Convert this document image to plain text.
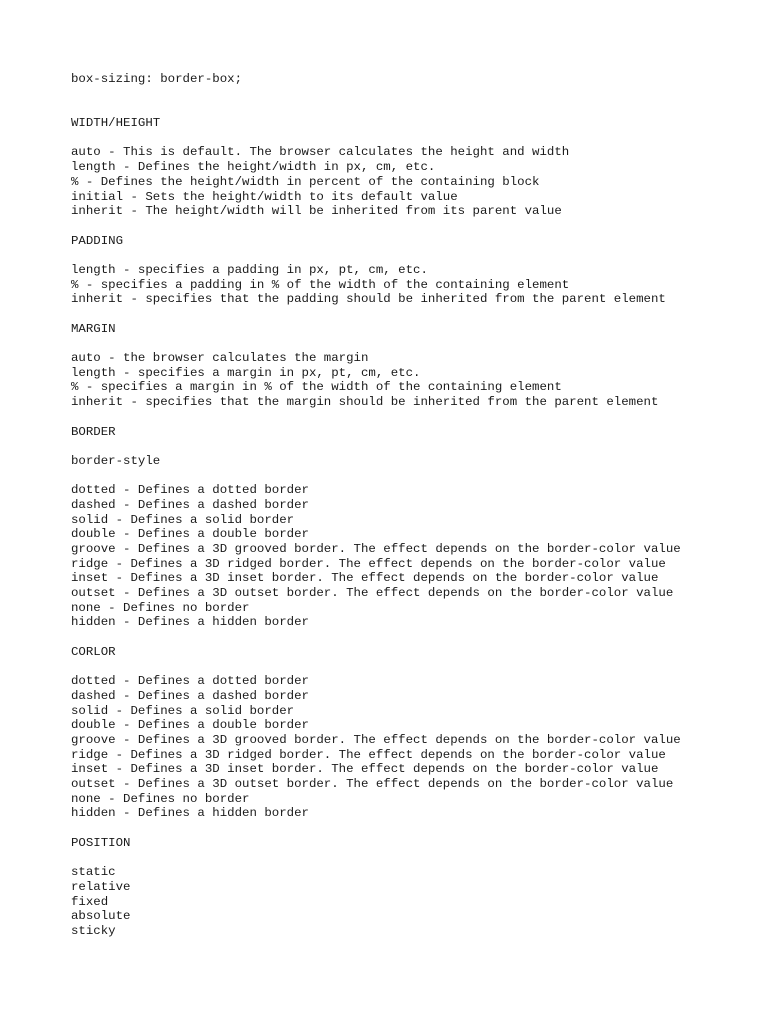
box-sizing: border-box;
WIDTH/HEIGHT
auto - This is default. The browser calculates the height and width
length - Defines the height/width in px, cm, etc.
% - Defines the height/width in percent of the containing block
initial - Sets the height/width to its default value
inherit - The height/width will be inherited from its parent value
PADDING
length - specifies a padding in px, pt, cm, etc.
% - specifies a padding in % of the width of the containing element
inherit - specifies that the padding should be inherited from the parent element
MARGIN
auto - the browser calculates the margin
length - specifies a margin in px, pt, cm, etc.
% - specifies a margin in % of the width of the containing element
inherit - specifies that the margin should be inherited from the parent element
BORDER
border-style
dotted - Defines a dotted border
dashed - Defines a dashed border
solid - Defines a solid border
double - Defines a double border
groove - Defines a 3D grooved border. The effect depends on the border-color value
ridge - Defines a 3D ridged border. The effect depends on the border-color value
inset - Defines a 3D inset border. The effect depends on the border-color value
outset - Defines a 3D outset border. The effect depends on the border-color value
none - Defines no border
hidden - Defines a hidden border
CORLOR
dotted - Defines a dotted border
dashed - Defines a dashed border
solid - Defines a solid border
double - Defines a double border
groove - Defines a 3D grooved border. The effect depends on the border-color value
ridge - Defines a 3D ridged border. The effect depends on the border-color value
inset - Defines a 3D inset border. The effect depends on the border-color value
outset - Defines a 3D outset border. The effect depends on the border-color value
none - Defines no border
hidden - Defines a hidden border
POSITION
static
relative
fixed
absolute
sticky
